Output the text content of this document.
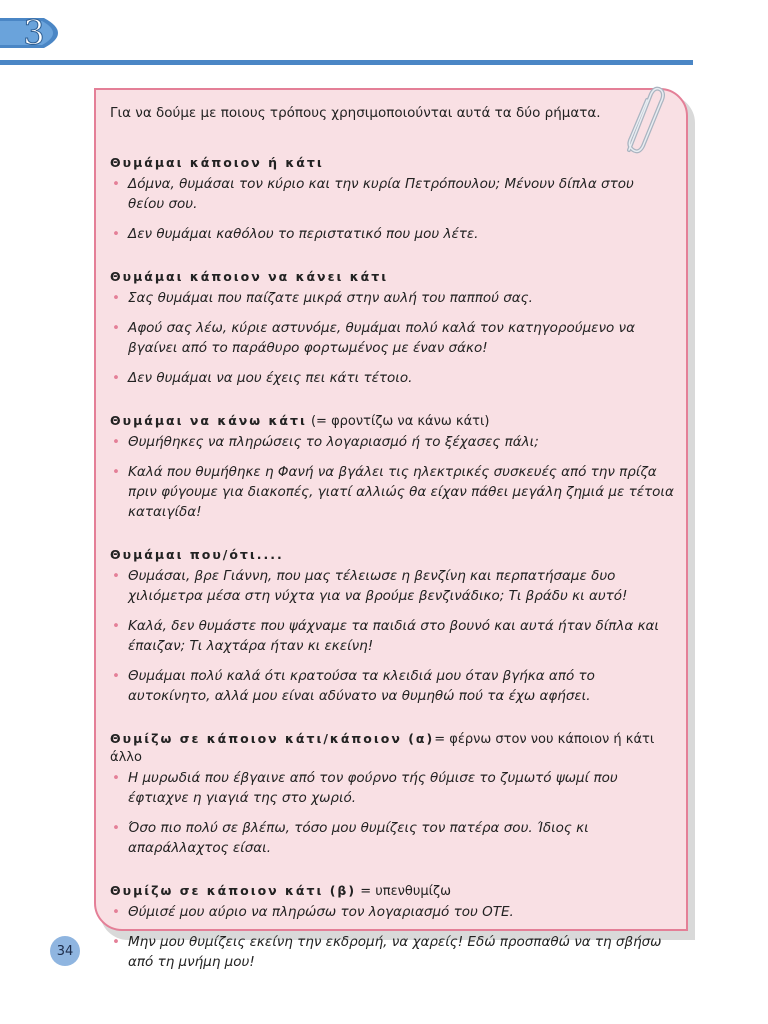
3

Για να δούμε με ποιους τρόπους χρησιμοποιούνται αυτά τα δύο ρήματα.

Θυμάμαι κάποιον ή κάτι

• Δόμνα, θυμάσαι τον κύριο και την κυρία Πετρόπουλου; Μένουν δίπλα στου θείου σου.
• Δεν θυμάμαι καθόλου το περιστατικό που μου λέτε.

Θυμάμαι κάποιον να κάνει κάτι

• Σας θυμάμαι που παίζατε μικρά στην αυλή του παππού σας.
• Αφού σας λέω, κύριε αστυνόμε, θυμάμαι πολύ καλά τον κατηγορούμενο να βγαίνει από το παράθυρο φορτωμένος με έναν σάκο!
• Δεν θυμάμαι να μου έχεις πει κάτι τέτοιο.

Θυμάμαι να κάνω κάτι (= φροντίζω να κάνω κάτι)

• Θυμήθηκες να πληρώσεις το λογαριασμό ή το ξέχασες πάλι;
• Καλά που θυμήθηκε η Φανή να βγάλει τις ηλεκτρικές συσκευές από την πρίζα πριν φύγουμε για διακοπές, γιατί αλλιώς θα είχαν πάθει μεγάλη ζημιά με τέτοια καταιγίδα!

Θυμάμαι που/ότι....

• Θυμάσαι, βρε Γιάννη, που μας τέλειωσε η βενζίνη και περπατήσαμε δυο χιλιόμετρα μέσα στη νύχτα για να βρούμε βενζινάδικο; Τι βράδυ κι αυτό!
• Καλά, δεν θυμάστε που ψάχναμε τα παιδιά στο βουνό και αυτά ήταν δίπλα και έπαιζαν; Τι λαχτάρα ήταν κι εκείνη!
• Θυμάμαι πολύ καλά ότι κρατούσα τα κλειδιά μου όταν βγήκα από το αυτοκίνητο, αλλά μου είναι αδύνατο να θυμηθώ πού τα έχω αφήσει.

Θυμίζω σε κάποιον κάτι/κάποιον (α)= φέρνω στον νου κάποιον ή κάτι άλλο

• Η μυρωδιά που έβγαινε από τον φούρνο τής θύμισε το ζυμωτό ψωμί που έφτιαχνε η γιαγιά της στο χωριό.
• Όσο πιο πολύ σε βλέπω, τόσο μου θυμίζεις τον πατέρα σου. Ίδιος κι απαράλλαχτος είσαι.

Θυμίζω σε κάποιον κάτι (β) = υπενθυμίζω

• Θύμισέ μου αύριο να πληρώσω τον λογαριασμό του ΟΤΕ.
• Μην μου θυμίζεις εκείνη την εκδρομή, να χαρείς! Εδώ προσπαθώ να τη σβήσω από τη μνήμη μου!
34
